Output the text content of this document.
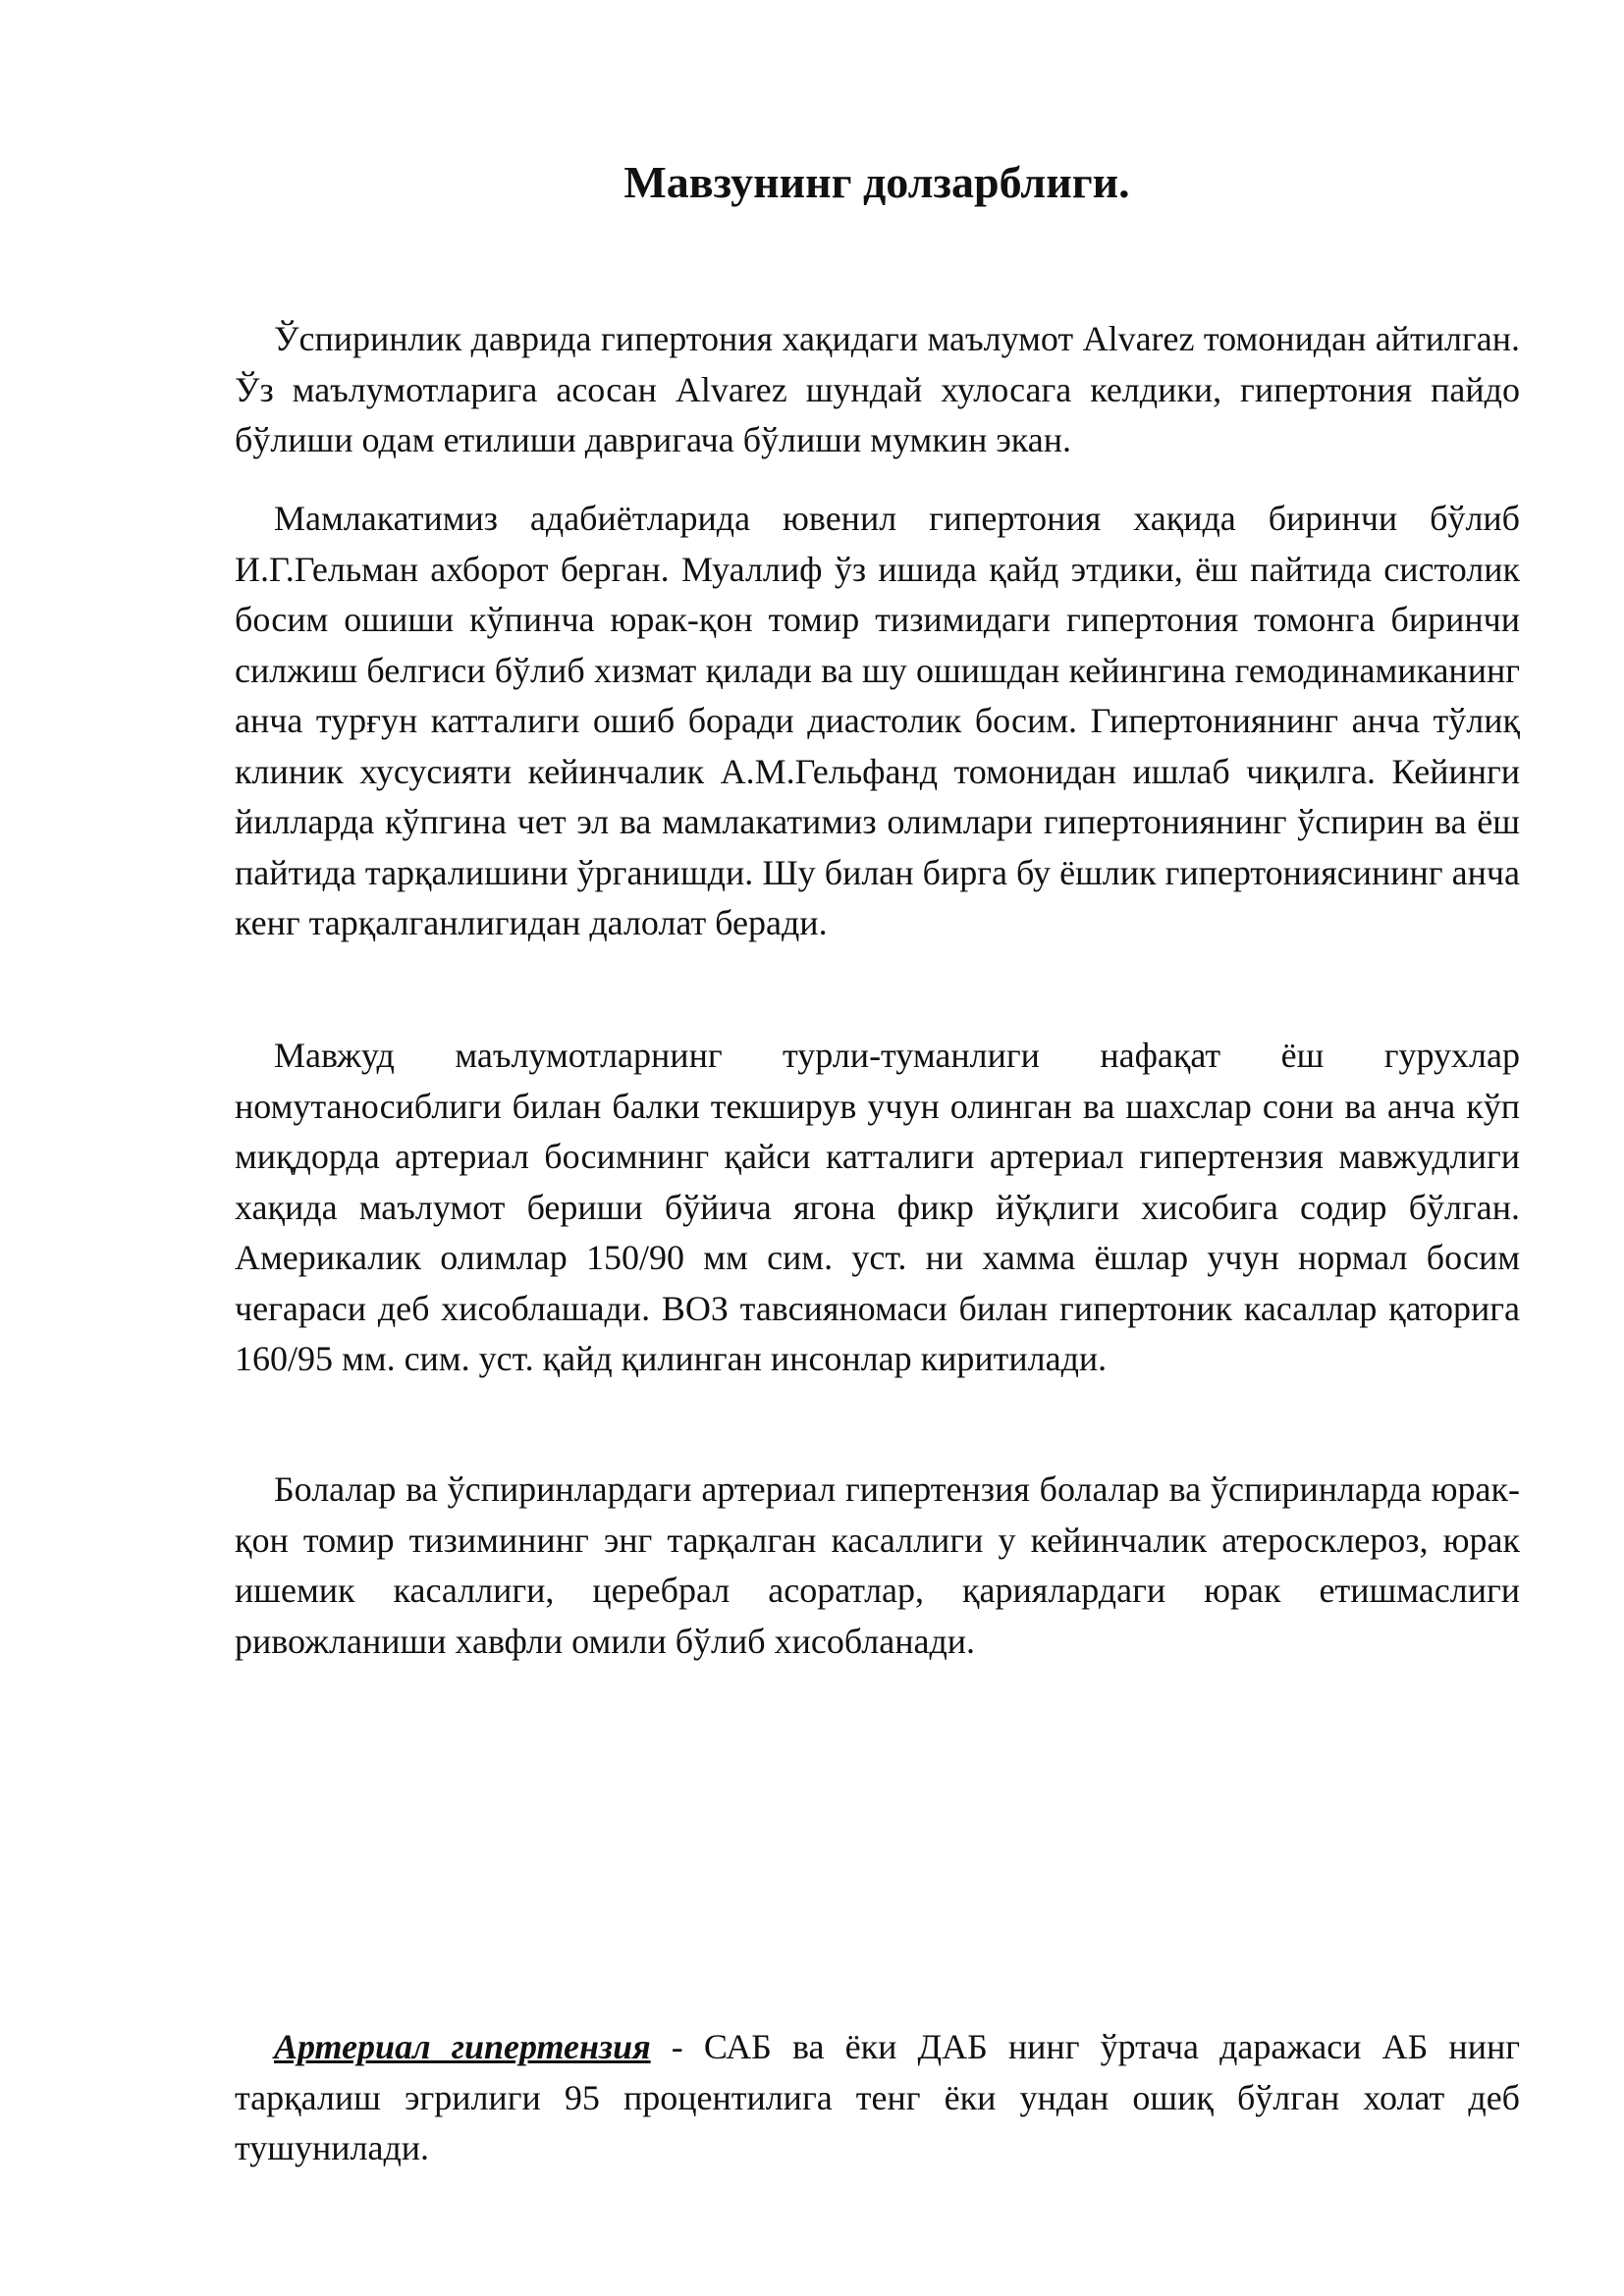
Мавзунинг долзарблиги.

Ўспиринлик даврида гипертония хақидаги маълумот Alvarez томонидан айтилган. Ўз маълумотларига асосан Alvarez шундай хулосага келдики, гипертония пайдо бўлиши одам етилиши давригача бўлиши мумкин экан.

Мамлакатимиз адабиётларида ювенил гипертония хақида биринчи бўлиб И.Г.Гельман ахборот берган. Муаллиф ўз ишида қайд этдики, ёш пайтида систолик босим ошиши кўпинча юрак-қон томир тизимидаги гипертония томонга биринчи силжиш белгиси бўлиб хизмат қилади ва шу ошишдан кейингина гемодинамиканинг анча турғун катталиги ошиб боради диастолик босим. Гипертониянинг анча тўлиқ клиник хусусияти кейинчалик А.М.Гельфанд томонидан ишлаб чиқилга. Кейинги йилларда кўпгина чет эл ва мамлакатимиз олимлари гипертониянинг ўспирин ва ёш пайтида тарқалишини ўрганишди. Шу билан бирга бу ёшлик гипертониясининг анча кенг тарқалганлигидан далолат беради.

Мавжуд маълумотларнинг турли-туманлиги нафақат ёш гурухлар номутаносиблиги билан балки текширув учун олинган ва шахслар сони ва анча кўп миқдорда артериал босимнинг қайси катталиги артериал гипертензия мавжудлиги хақида маълумот бериши бўйича ягона фикр йўқлиги хисобига содир бўлган. Америкалик олимлар 150/90 мм сим. уст. ни хамма ёшлар учун нормал босим чегараси деб хисоблашади. ВОЗ тавсияномаси билан гипертоник касаллар қаторига 160/95 мм. сим. уст. қайд қилинган инсонлар киритилади.

Болалар ва ўспиринлардаги артериал гипертензия болалар ва ўспиринларда юрак-қон томир тизимининг энг тарқалган касаллиги у кейинчалик атеросклероз, юрак ишемик касаллиги, церебрал асоратлар, қариялардаги юрак етишмаслиги ривожланиши хавфли омили бўлиб хисобланади.

Артериал гипертензия - САБ ва ёки ДАБ нинг ўртача даражаси АБ нинг тарқалиш эгрилиги 95 процентилига тенг ёки ундан ошиқ бўлган холат деб тушунилади.
